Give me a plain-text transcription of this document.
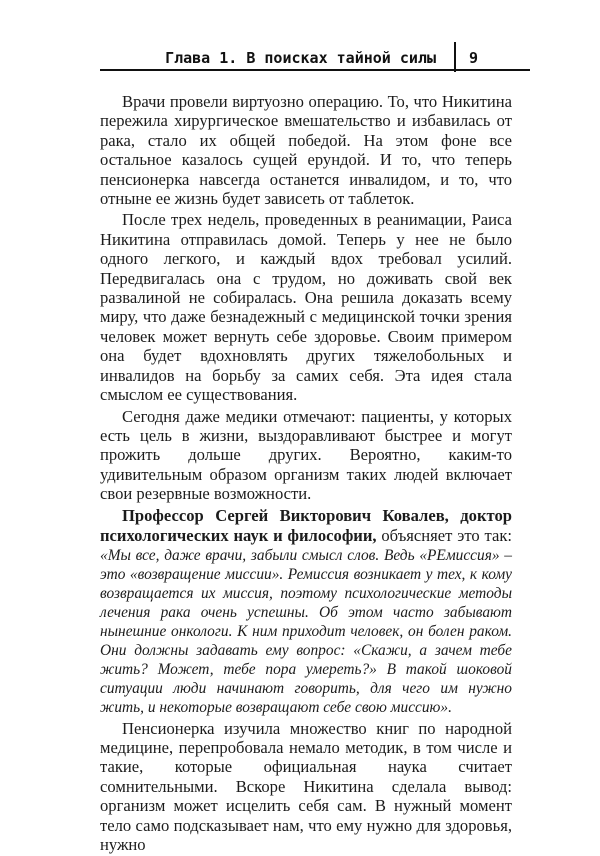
Глава 1. В поисках тайной силы 9

Врачи провели виртуозно операцию. То, что Никитина пережила хирургическое вмешательство и избавилась от рака, стало их общей победой. На этом фоне все остальное казалось сущей ерундой. И то, что теперь пенсионерка навсегда останется инвалидом, и то, что отныне ее жизнь будет зависеть от таблеток.

После трех недель, проведенных в реанимации, Раиса Никитина отправилась домой. Теперь у нее не было одного легкого, и каждый вдох требовал усилий. Передвигалась она с трудом, но доживать свой век развалиной не собиралась. Она решила доказать всему миру, что даже безнадежный с медицинской точки зрения человек может вернуть себе здоровье. Своим примером она будет вдохновлять других тяжелобольных и инвалидов на борьбу за самих себя. Эта идея стала смыслом ее существования.

Сегодня даже медики отмечают: пациенты, у которых есть цель в жизни, выздоравливают быстрее и могут прожить дольше других. Вероятно, каким-то удивительным образом организм таких людей включает свои резервные возможности.

Профессор Сергей Викторович Ковалев, доктор психологических наук и философии, объясняет это так: «Мы все, даже врачи, забыли смысл слов. Ведь «РЕмиссия» – это «возвращение миссии». Ремиссия возникает у тех, к кому возвращается их миссия, поэтому психологические методы лечения рака очень успешны. Об этом часто забывают нынешние онкологи. К ним приходит человек, он болен раком. Они должны задавать ему вопрос: «Скажи, а зачем тебе жить? Может, тебе пора умереть?» В такой шоковой ситуации люди начинают говорить, для чего им нужно жить, и некоторые возвращают себе свою миссию».

Пенсионерка изучила множество книг по народной медицине, перепробовала немало методик, в том числе и такие, которые официальная наука считает сомнительными. Вскоре Никитина сделала вывод: организм может исцелить себя сам. В нужный момент тело само подсказывает нам, что ему нужно для здоровья, нужно
